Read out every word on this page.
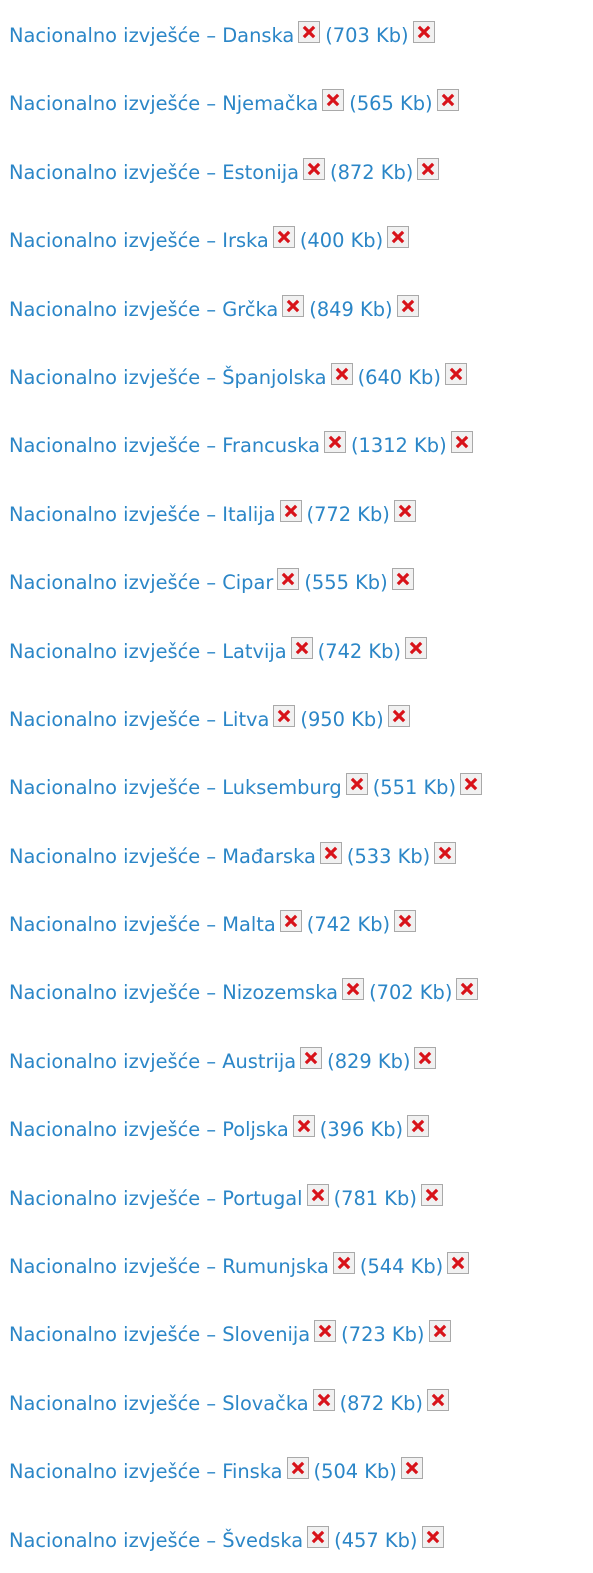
Nacionalno izvješće – Danska (703 Kb)
Nacionalno izvješće – Njemačka (565 Kb)
Nacionalno izvješće – Estonija (872 Kb)
Nacionalno izvješće – Irska (400 Kb)
Nacionalno izvješće – Grčka (849 Kb)
Nacionalno izvješće – Španjolska (640 Kb)
Nacionalno izvješće – Francuska (1312 Kb)
Nacionalno izvješće – Italija (772 Kb)
Nacionalno izvješće – Cipar (555 Kb)
Nacionalno izvješće – Latvija (742 Kb)
Nacionalno izvješće – Litva (950 Kb)
Nacionalno izvješće – Luksemburg (551 Kb)
Nacionalno izvješće – Mađarska (533 Kb)
Nacionalno izvješće – Malta (742 Kb)
Nacionalno izvješće – Nizozemska (702 Kb)
Nacionalno izvješće – Austrija (829 Kb)
Nacionalno izvješće – Poljska (396 Kb)
Nacionalno izvješće – Portugal (781 Kb)
Nacionalno izvješće – Rumunjska (544 Kb)
Nacionalno izvješće – Slovenija (723 Kb)
Nacionalno izvješće – Slovačka (872 Kb)
Nacionalno izvješće – Finska (504 Kb)
Nacionalno izvješće – Švedska (457 Kb)
